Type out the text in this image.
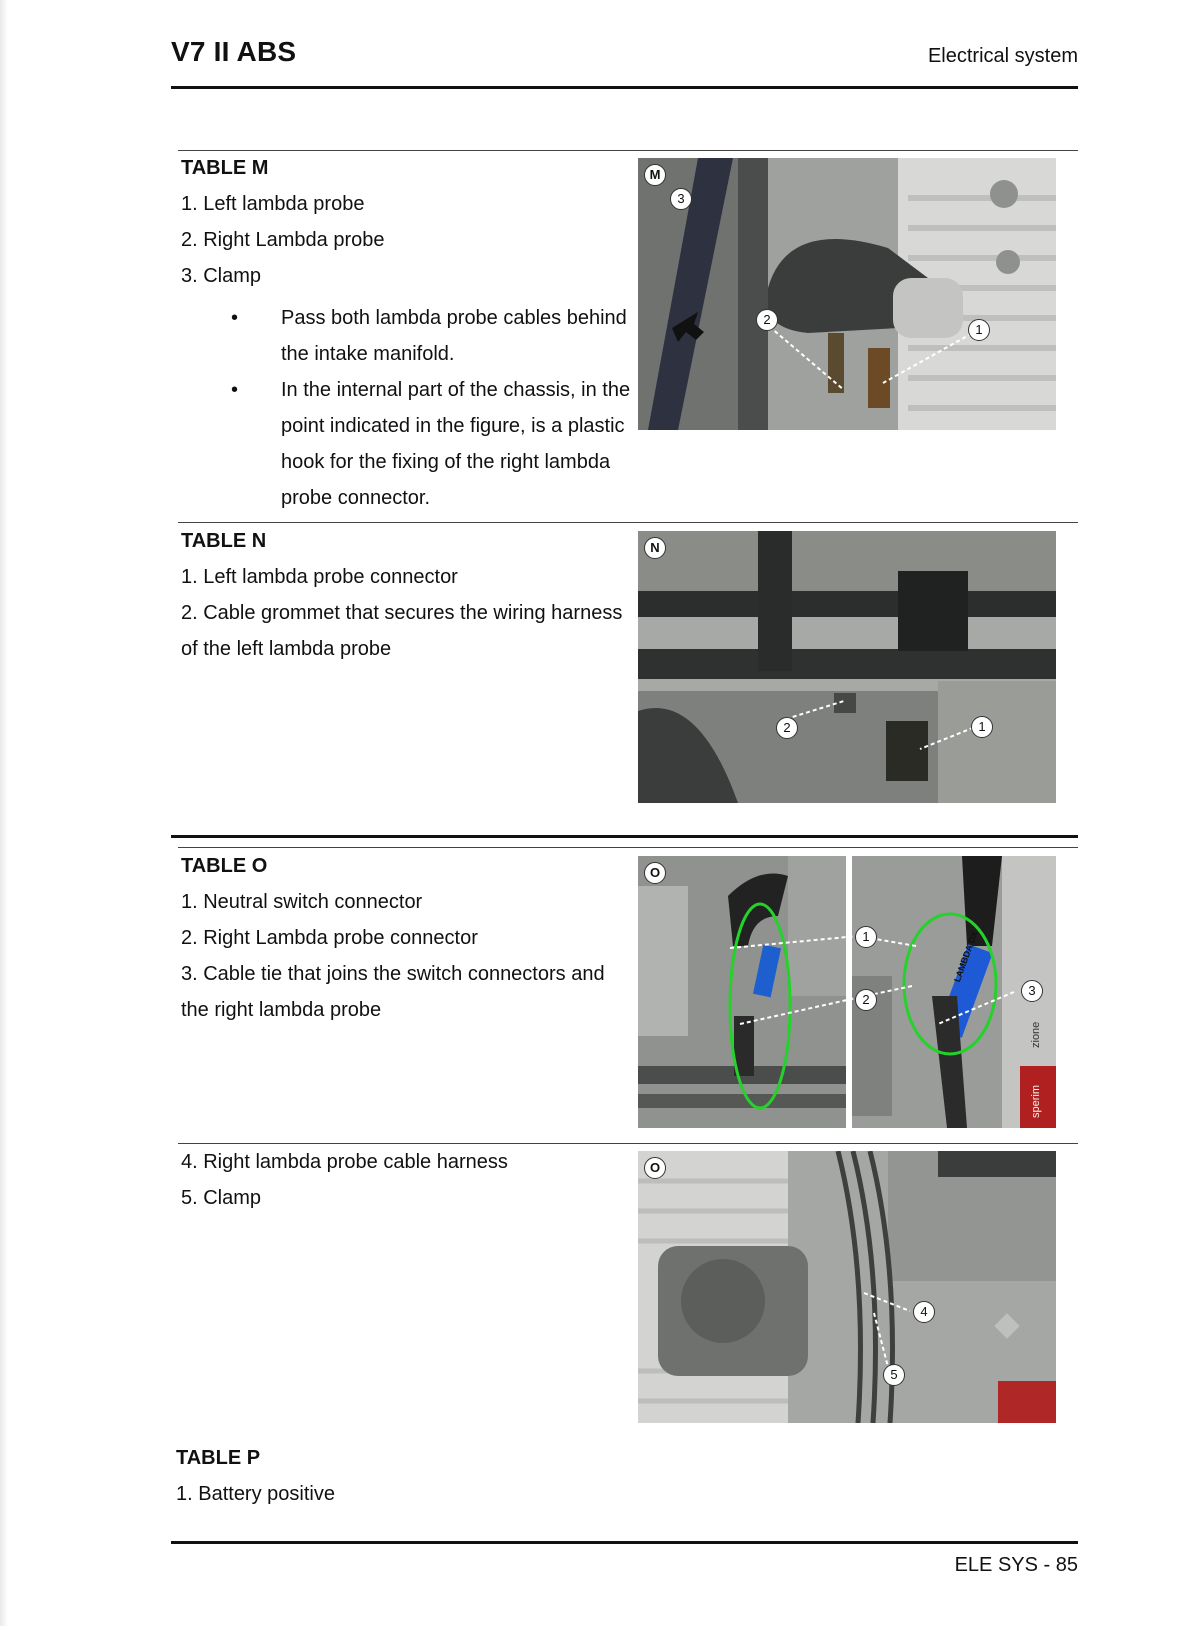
V7 II ABS	Electrical system
TABLE M
1. Left lambda probe
2. Right Lambda probe
3. Clamp
• Pass both lambda probe cables behind
the intake manifold.
• In the internal part of the chassis, in the
point indicated in the figure, is a plastic
hook for the fixing of the right lambda
probe connector.
M
3
2
1
TABLE N
1. Left lambda probe connector
2. Cable grommet that secures the wiring harness
of the left lambda probe
N
2	1
TABLE O
1. Neutral switch connector
2. Right Lambda probe connector
3. Cable tie that joins the switch connectors and
the right lambda probe
LAMBDA DX
zione
sperim
O
1
2
3
4. Right lambda probe cable harness
5. Clamp
O
4
5
TABLE P
1. Battery positive
ELE SYS - 85
